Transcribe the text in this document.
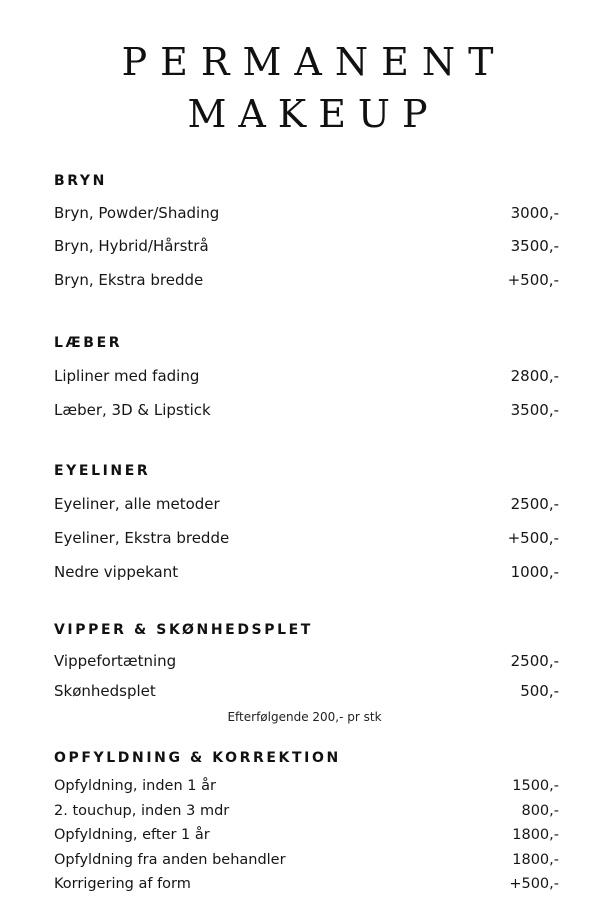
PERMANENT
MAKEUP
BRYN
Bryn, Powder/Shading	3000,-
Bryn, Hybrid/Hårstrå	3500,-
Bryn, Ekstra bredde	+500,-
LÆBER
Lipliner med fading	2800,-
Læber, 3D & Lipstick	3500,-
EYELINER
Eyeliner, alle metoder	2500,-
Eyeliner, Ekstra bredde	+500,-
Nedre vippekant	1000,-
VIPPER & SKØNHEDSPLET
Vippefortætning	2500,-
Skønhedsplet	500,-
Efterfølgende 200,- pr stk
OPFYLDNING & KORREKTION
Opfyldning, inden 1 år	1500,-
2. touchup, inden 3 mdr	800,-
Opfyldning, efter 1 år	1800,-
Opfyldning fra anden behandler	1800,-
Korrigering af form	+500,-
